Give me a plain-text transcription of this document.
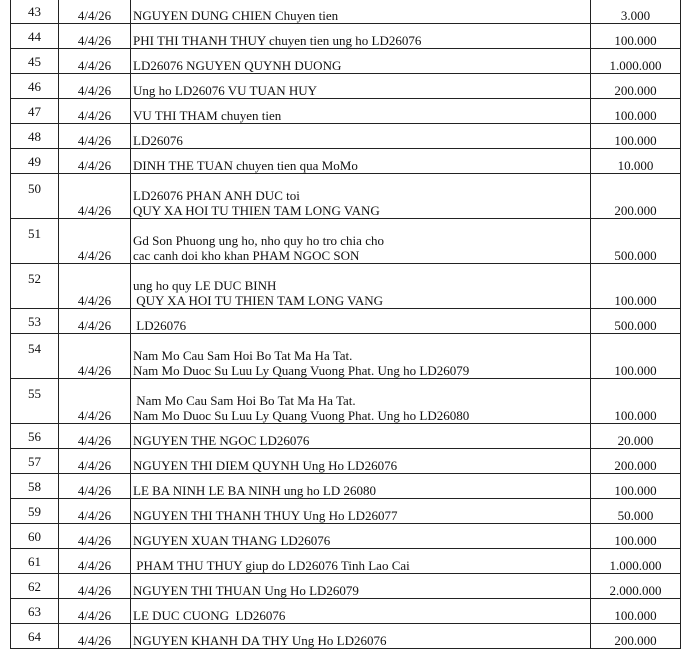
43	4/4/26	NGUYEN DUNG CHIEN Chuyen tien	3.000
44	4/4/26	PHI THI THANH THUY chuyen tien ung ho LD26076	100.000
45	4/4/26	LD26076 NGUYEN QUYNH DUONG	1.000.000
46	4/4/26	Ung ho LD26076 VU TUAN HUY	200.000
47	4/4/26	VU THI THAM chuyen tien	100.000
48	4/4/26	LD26076	100.000
49	4/4/26	DINH THE TUAN chuyen tien qua MoMo	10.000
50	4/4/26	LD26076 PHAN ANH DUC toi
QUY XA HOI TU THIEN TAM LONG VANG	200.000
51	4/4/26	Gd Son Phuong ung ho, nho quy ho tro chia cho
cac canh doi kho khan PHAM NGOC SON	500.000
52	4/4/26	ung ho quy LE DUC BINH
QUY XA HOI TU THIEN TAM LONG VANG	100.000
53	4/4/26	LD26076	500.000
54	4/4/26	Nam Mo Cau Sam Hoi Bo Tat Ma Ha Tat.
Nam Mo Duoc Su Luu Ly Quang Vuong Phat. Ung ho LD26079	100.000
55	4/4/26	Nam Mo Cau Sam Hoi Bo Tat Ma Ha Tat.
Nam Mo Duoc Su Luu Ly Quang Vuong Phat. Ung ho LD26080	100.000
56	4/4/26	NGUYEN THE NGOC LD26076	20.000
57	4/4/26	NGUYEN THI DIEM QUYNH Ung Ho LD26076	200.000
58	4/4/26	LE BA NINH LE BA NINH ung ho LD 26080	100.000
59	4/4/26	NGUYEN THI THANH THUY Ung Ho LD26077	50.000
60	4/4/26	NGUYEN XUAN THANG LD26076	100.000
61	4/4/26	PHAM THU THUY giup do LD26076 Tinh Lao Cai	1.000.000
62	4/4/26	NGUYEN THI THUAN Ung Ho LD26079	2.000.000
63	4/4/26	LE DUC CUONG  LD26076	100.000
64	4/4/26	NGUYEN KHANH DA THY Ung Ho LD26076	200.000
